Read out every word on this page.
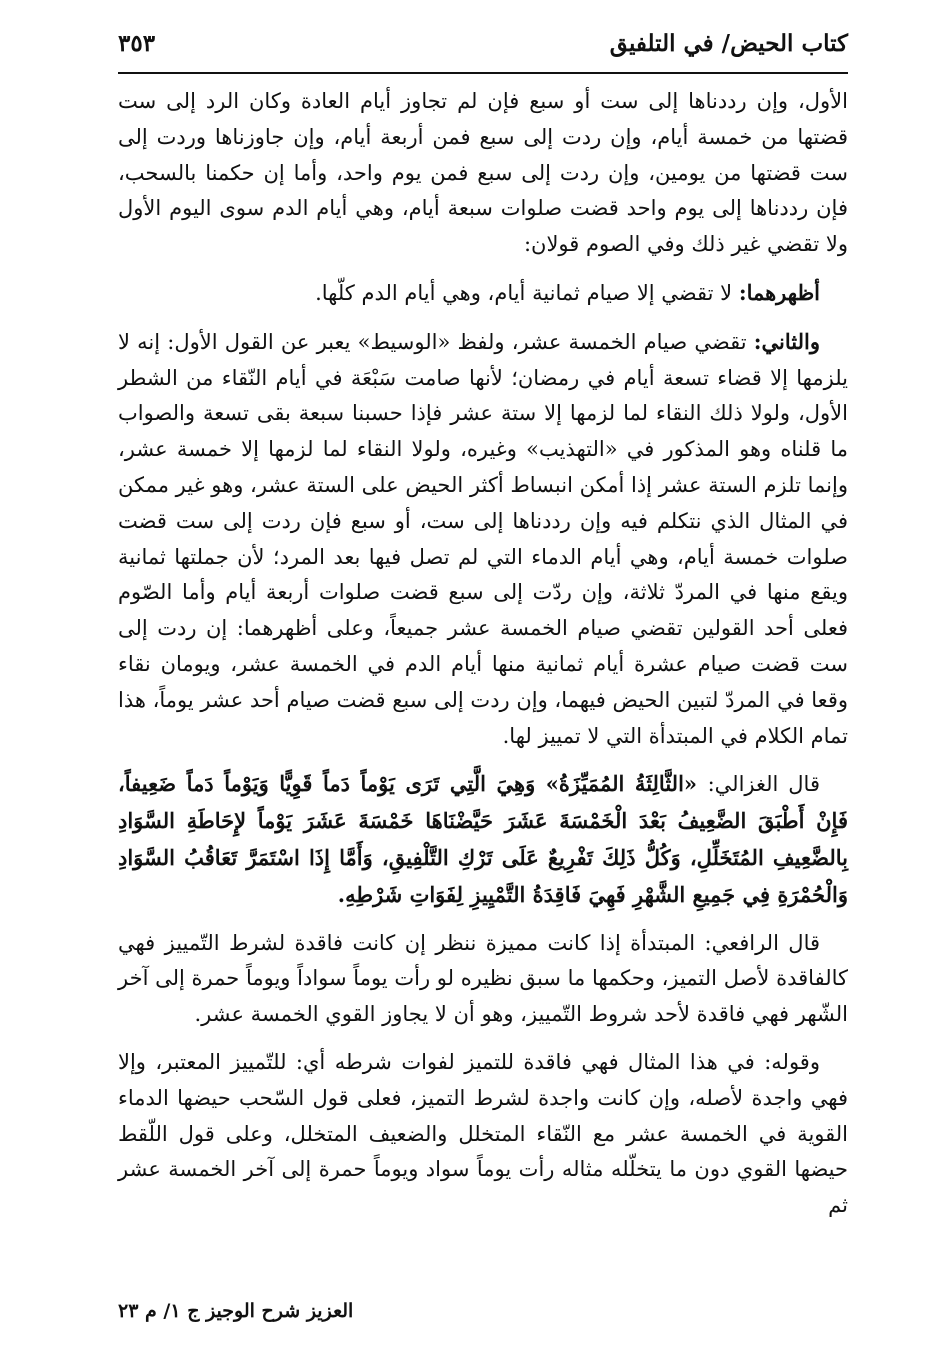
كتاب الحيض/ في التلفيق
٣٥٣

الأول، وإن رددناها إلى ست أو سبع فإن لم تجاوز أيام العادة وكان الرد إلى ست قضتها من خمسة أيام، وإن ردت إلى سبع فمن أربعة أيام، وإن جاوزناها وردت إلى ست قضتها من يومين، وإن ردت إلى سبع فمن يوم واحد، وأما إن حكمنا بالسحب، فإن رددناها إلى يوم واحد قضت صلوات سبعة أيام، وهي أيام الدم سوى اليوم الأول ولا تقضي غير ذلك وفي الصوم قولان:

أظهرهما: لا تقضي إلا صيام ثمانية أيام، وهي أيام الدم كلّها.

والثاني: تقضي صيام الخمسة عشر، ولفظ «الوسيط» يعبر عن القول الأول: إنه لا يلزمها إلا قضاء تسعة أيام في رمضان؛ لأنها صامت سَبْعَة في أيام النّقاء من الشطر الأول، ولولا ذلك النقاء لما لزمها إلا ستة عشر فإذا حسبنا سبعة بقى تسعة والصواب ما قلناه وهو المذكور في «التهذيب» وغيره، ولولا النقاء لما لزمها إلا خمسة عشر، وإنما تلزم الستة عشر إذا أمكن انبساط أكثر الحيض على الستة عشر، وهو غير ممكن في المثال الذي نتكلم فيه وإن رددناها إلى ست، أو سبع فإن ردت إلى ست قضت صلوات خمسة أيام، وهي أيام الدماء التي لم تصل فيها بعد المرد؛ لأن جملتها ثمانية ويقع منها في المردّ ثلاثة، وإن ردّت إلى سبع قضت صلوات أربعة أيام وأما الصّوم فعلى أحد القولين تقضي صيام الخمسة عشر جميعاً، وعلى أظهرهما: إن ردت إلى ست قضت صيام عشرة أيام ثمانية منها أيام الدم في الخمسة عشر، ويومان نقاء وقعا في المردّ لتبين الحيض فيهما، وإن ردت إلى سبع قضت صيام أحد عشر يوماً، هذا تمام الكلام في المبتدأة التي لا تمييز لها.

قال الغزالي: «الثَّالِثَةُ المُمَيِّزَةُ» وَهِيَ الَّتِي تَرَى يَوْماً دَماً قَوِيًّا وَيَوْماً دَماً ضَعِيفاً، فَإِنْ أَطْبَقَ الضَّعِيفُ بَعْدَ الْخَمْسَةَ عَشَرَ حَيَّضْنَاهَا خَمْسَةَ عَشَرَ يَوْماً لإِحَاطَةِ السَّوَادِ بِالضَّعِيفِ المُتَخَلِّلِ، وَكُلُّ ذَلِكَ تَفْرِيعٌ عَلَى تَرْكِ التَّلْفِيقِ، وَأَمَّا إِذَا اسْتَمَرَّ تَعَاقُبُ السَّوَادِ وَالْحُمْرَةِ فِي جَمِيعِ الشَّهْرِ فَهِيَ فَاقِدَةُ التَّمْيِيزِ لِفَوَاتِ شَرْطِهِ.

قال الرافعي: المبتدأة إذا كانت مميزة ننظر إن كانت فاقدة لشرط التّمييز فهي كالفاقدة لأصل التميز، وحكمها ما سبق نظيره لو رأت يوماً سواداً ويوماً حمرة إلى آخر الشّهر فهي فاقدة لأحد شروط التّمييز، وهو أن لا يجاوز القوي الخمسة عشر.

وقوله: في هذا المثال فهي فاقدة للتميز لفوات شرطه أي: للتّمييز المعتبر، وإلا فهي واجدة لأصله، وإن كانت واجدة لشرط التميز، فعلى قول السّحب حيضها الدماء القوية في الخمسة عشر مع النّقاء المتخلل والضعيف المتخلل، وعلى قول اللّقط حيضها القوي دون ما يتخلّله مثاله رأت يوماً سواد ويوماً حمرة إلى آخر الخمسة عشر ثم

العزيز شرح الوجيز ج ١/ م ٢٣
